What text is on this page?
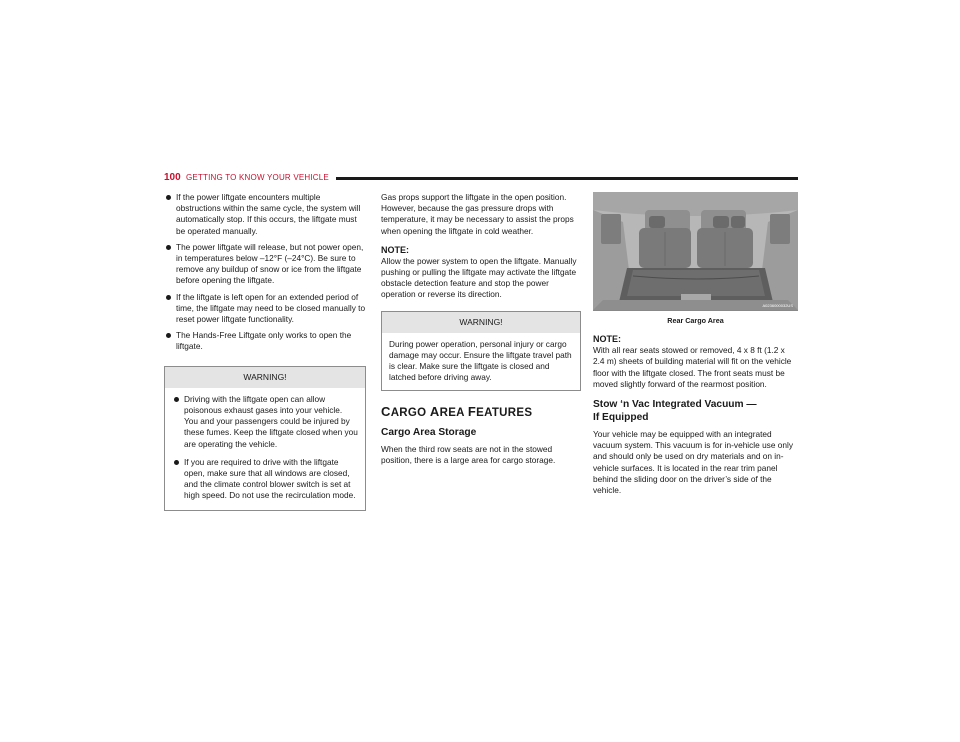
100 GETTING TO KNOW YOUR VEHICLE
If the power liftgate encounters multiple obstructions within the same cycle, the system will automatically stop. If this occurs, the liftgate must be operated manually.
The power liftgate will release, but not power open, in temperatures below –12°F (–24°C). Be sure to remove any buildup of snow or ice from the liftgate before opening the liftgate.
If the liftgate is left open for an extended period of time, the liftgate may need to be closed manually to reset power liftgate functionality.
The Hands-Free Liftgate only works to open the liftgate.
WARNING!
Driving with the liftgate open can allow poisonous exhaust gases into your vehicle. You and your passengers could be injured by these fumes. Keep the liftgate closed when you are operating the vehicle.
If you are required to drive with the liftgate open, make sure that all windows are closed, and the climate control blower switch is set at high speed. Do not use the recirculation mode.

Gas props support the liftgate in the open position. However, because the gas pressure drops with temperature, it may be necessary to assist the props when opening the liftgate in cold weather.

NOTE:

Allow the power system to open the liftgate. Manually pushing or pulling the liftgate may activate the liftgate obstacle detection feature and stop the power operation or reverse its direction.

WARNING!
During power operation, personal injury or cargo damage may occur. Ensure the liftgate travel path is clear. Make sure the liftgate is closed and latched before driving away.
CARGO AREA FEATURES
Cargo Area Storage

When the third row seats are not in the stowed position, there is a large area for cargo storage.

A0236000032US
Rear Cargo Area
NOTE:

With all rear seats stowed or removed, 4 x 8 ft (1.2 x 2.4 m) sheets of building material will fit on the vehicle floor with the liftgate closed. The front seats must be moved slightly forward of the rearmost position.

Stow ‘n Vac Integrated Vacuum —
If Equipped

Your vehicle may be equipped with an integrated vacuum system. This vacuum is for in-vehicle use only and should only be used on dry materials and on in-vehicle surfaces. It is located in the rear trim panel behind the sliding door on the driver’s side of the vehicle.
